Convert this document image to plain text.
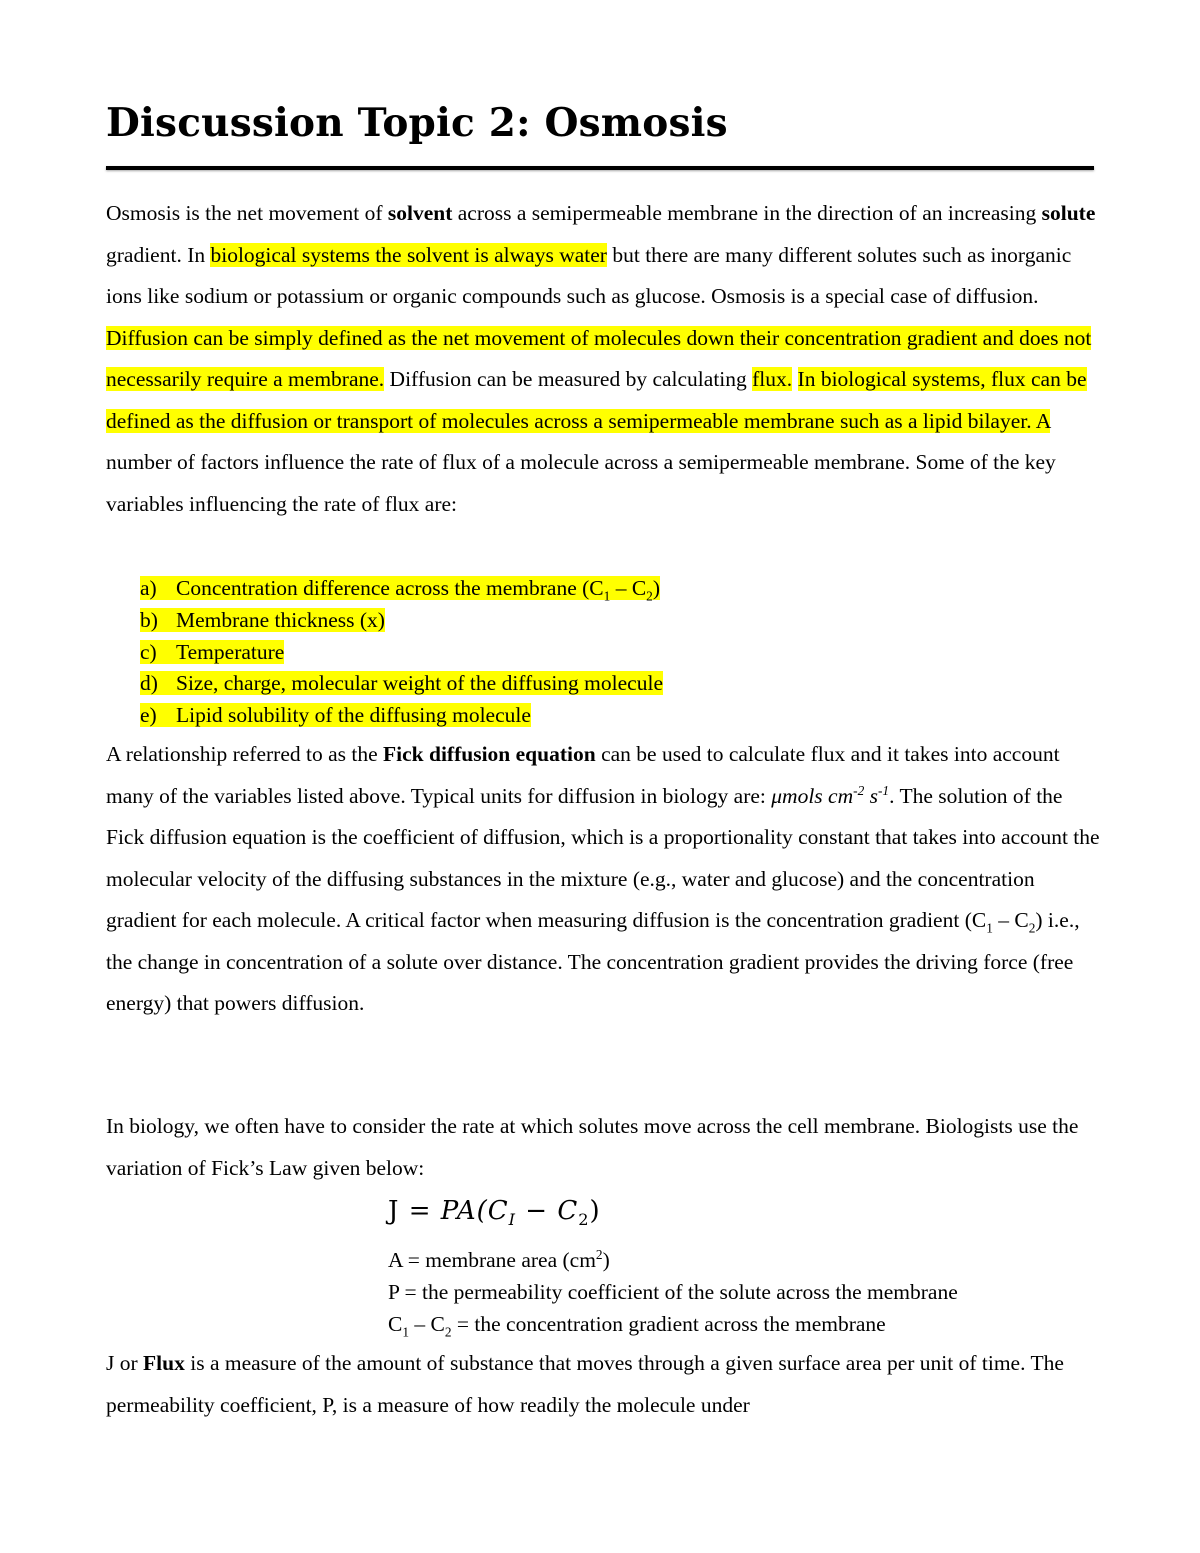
Discussion Topic 2: Osmosis

Osmosis is the net movement of solvent across a semipermeable membrane in the direction of an increasing solute gradient. In biological systems the solvent is always water but there are many different solutes such as inorganic ions like sodium or potassium or organic compounds such as glucose. Osmosis is a special case of diffusion. Diffusion can be simply defined as the net movement of molecules down their concentration gradient and does not necessarily require a membrane. Diffusion can be measured by calculating flux. In biological systems, flux can be defined as the diffusion or transport of molecules across a semipermeable membrane such as a lipid bilayer. A number of factors influence the rate of flux of a molecule across a semipermeable membrane. Some of the key variables influencing the rate of flux are:

a) Concentration difference across the membrane $(C_1 - C_2)$
b) Membrane thickness (x)
c) Temperature
d) Size, charge, molecular weight of the diffusing molecule
e) Lipid solubility of the diffusing molecule

A relationship referred to as the Fick diffusion equation can be used to calculate flux and it takes into account many of the variables listed above. Typical units for diffusion in biology are: μmols $cm^{-2}$ $s^{-1}$. The solution of the Fick diffusion equation is the coefficient of diffusion, which is a proportionality constant that takes into account the molecular velocity of the diffusing substances in the mixture (e.g., water and glucose) and the concentration gradient for each molecule. A critical factor when measuring diffusion is the concentration gradient $(C_1 - C_2)$ i.e., the change in concentration of a solute over distance. The concentration gradient provides the driving force (free energy) that powers diffusion.

In biology, we often have to consider the rate at which solutes move across the cell membrane. Biologists use the variation of Fick’s Law given below:

$J = PA(C_I - C_2)$
A = membrane area $(cm^2)$
P = the permeability coefficient of the solute across the membrane
$C_1 - C_2$ = the concentration gradient across the membrane

J or Flux is a measure of the amount of substance that moves through a given surface area per unit of time. The permeability coefficient, P, is a measure of how readily the molecule under
